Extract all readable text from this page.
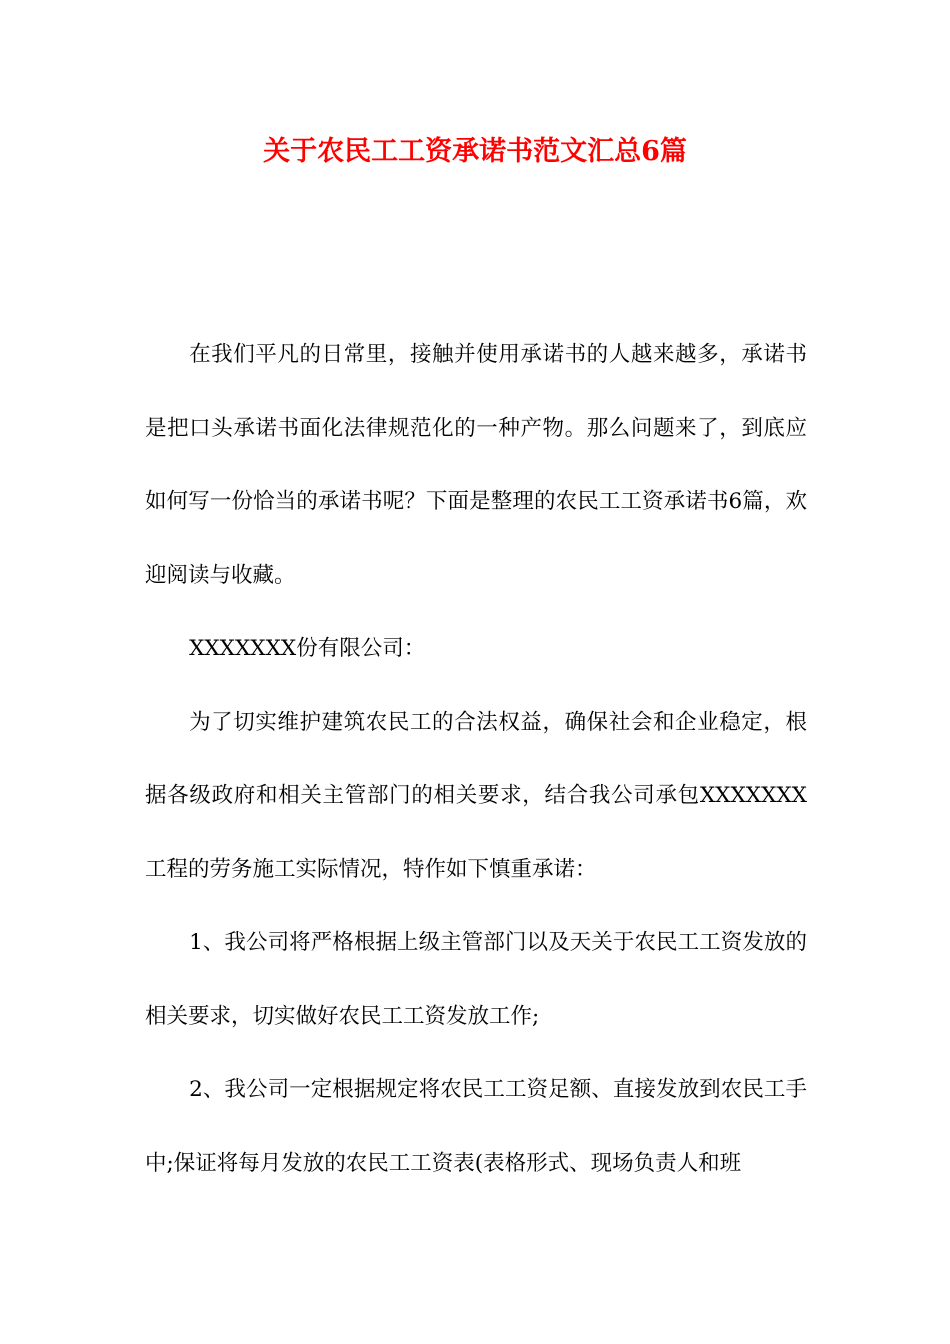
关于农民工工资承诺书范文汇总6篇

在我们平凡的日常里，接触并使用承诺书的人越来越多，承诺书是把口头承诺书面化法律规范化的一种产物。那么问题来了，到底应如何写一份恰当的承诺书呢？下面是整理的农民工工资承诺书6篇，欢迎阅读与收藏。

XXXXXXX份有限公司：

为了切实维护建筑农民工的合法权益，确保社会和企业稳定，根据各级政府和相关主管部门的相关要求，结合我公司承包XXXXXXX工程的劳务施工实际情况，特作如下慎重承诺：

1、我公司将严格根据上级主管部门以及天关于农民工工资发放的相关要求，切实做好农民工工资发放工作;

2、我公司一定根据规定将农民工工资足额、直接发放到农民工手中;保证将每月发放的农民工工资表(表格形式、现场负责人和班
